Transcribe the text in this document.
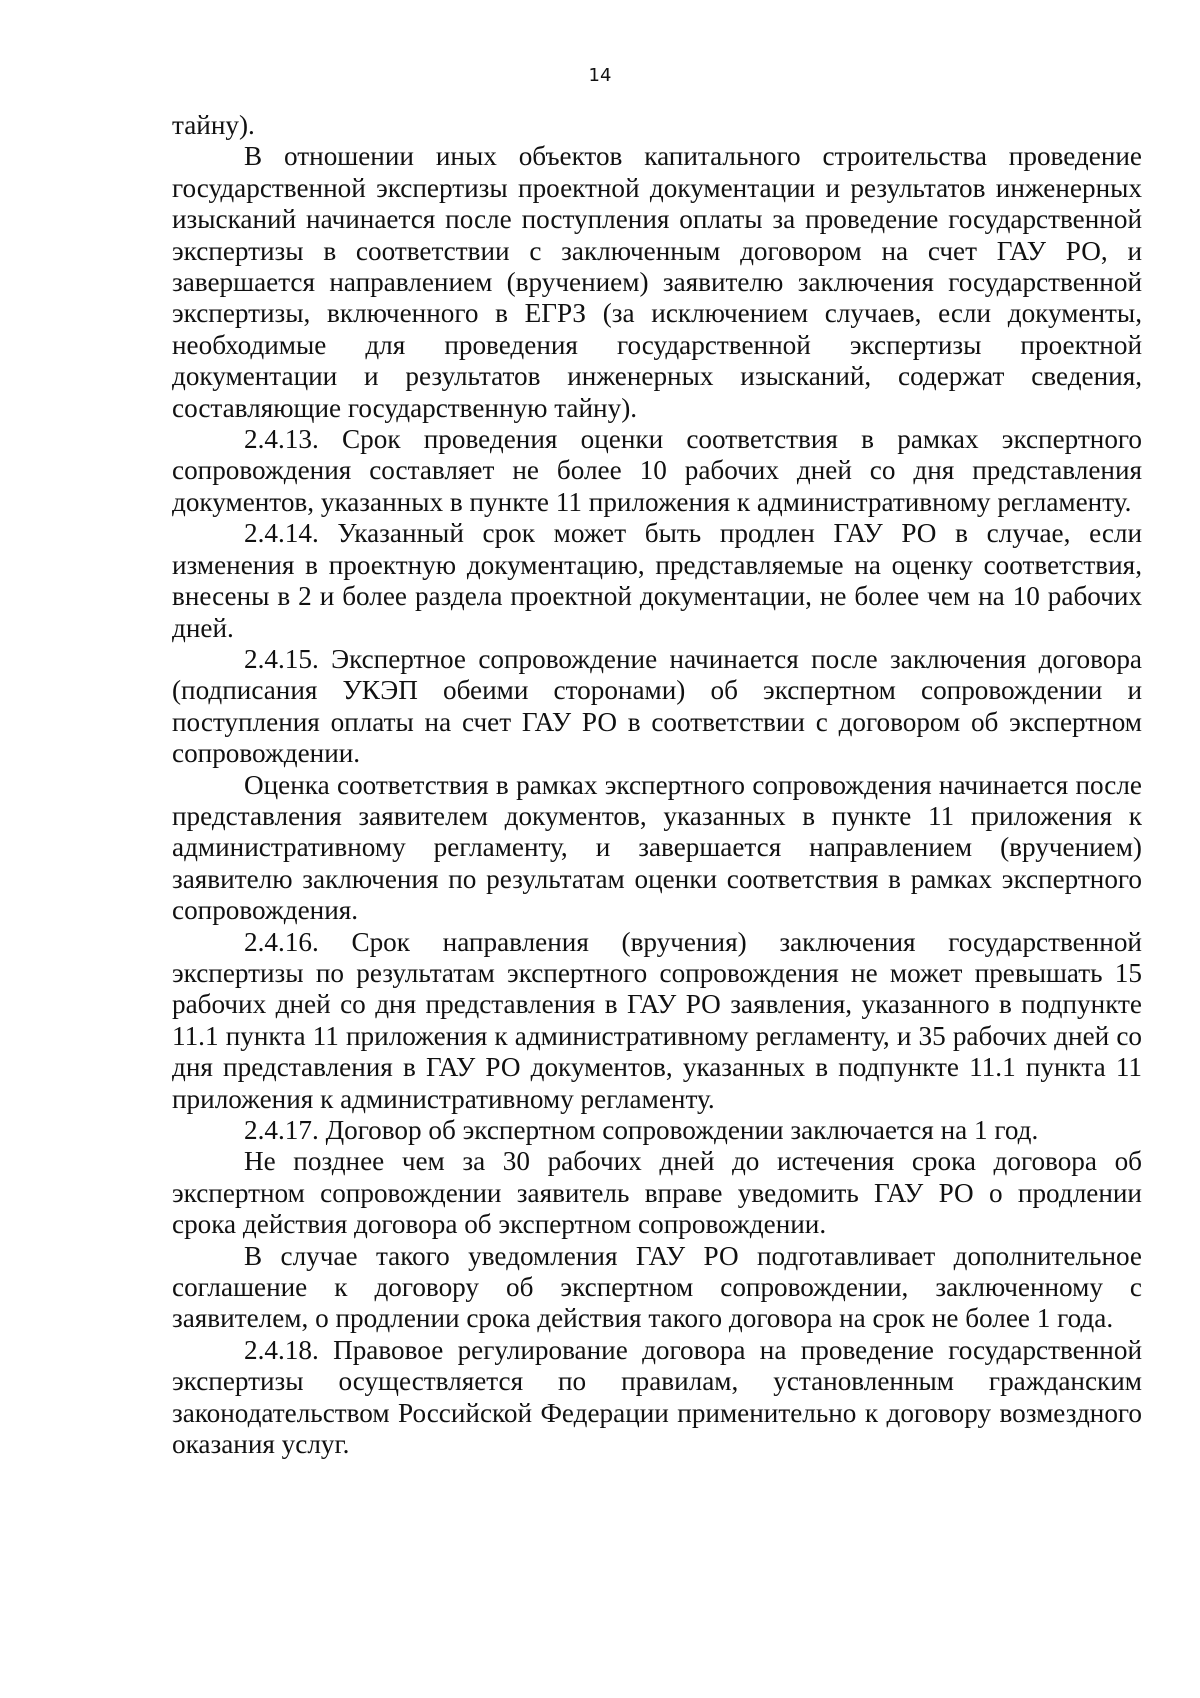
14

тайну).

В отношении иных объектов капитального строительства проведение государственной экспертизы проектной документации и результатов инженерных изысканий начинается после поступления оплаты за проведение государственной экспертизы в соответствии с заключенным договором на счет ГАУ РО, и завершается направлением (вручением) заявителю заключения государственной экспертизы, включенного в ЕГРЗ (за исключением случаев, если документы, необходимые для проведения государственной экспертизы проектной документации и результатов инженерных изысканий, содержат сведения, составляющие государственную тайну).

2.4.13. Срок проведения оценки соответствия в рамках экспертного сопровождения составляет не более 10 рабочих дней со дня представления документов, указанных в пункте 11 приложения к административному регламенту.

2.4.14. Указанный срок может быть продлен ГАУ РО в случае, если изменения в проектную документацию, представляемые на оценку соответствия, внесены в 2 и более раздела проектной документации, не более чем на 10 рабочих дней.

2.4.15. Экспертное сопровождение начинается после заключения договора (подписания УКЭП обеими сторонами) об экспертном сопровождении и поступления оплаты на счет ГАУ РО в соответствии с договором об экспертном сопровождении.

Оценка соответствия в рамках экспертного сопровождения начинается после представления заявителем документов, указанных в пункте 11 приложения к административному регламенту, и завершается направлением (вручением) заявителю заключения по результатам оценки соответствия в рамках экспертного сопровождения.

2.4.16. Срок направления (вручения) заключения государственной экспертизы по результатам экспертного сопровождения не может превышать 15 рабочих дней со дня представления в ГАУ РО заявления, указанного в подпункте 11.1 пункта 11 приложения к административному регламенту, и 35 рабочих дней со дня представления в ГАУ РО документов, указанных в подпункте 11.1 пункта 11 приложения к административному регламенту.

2.4.17. Договор об экспертном сопровождении заключается на 1 год.

Не позднее чем за 30 рабочих дней до истечения срока договора об экспертном сопровождении заявитель вправе уведомить ГАУ РО о продлении срока действия договора об экспертном сопровождении.

В случае такого уведомления ГАУ РО подготавливает дополнительное соглашение к договору об экспертном сопровождении, заключенному с заявителем, о продлении срока действия такого договора на срок не более 1 года.

2.4.18. Правовое регулирование договора на проведение государственной экспертизы осуществляется по правилам, установленным гражданским законодательством Российской Федерации применительно к договору возмездного оказания услуг.
